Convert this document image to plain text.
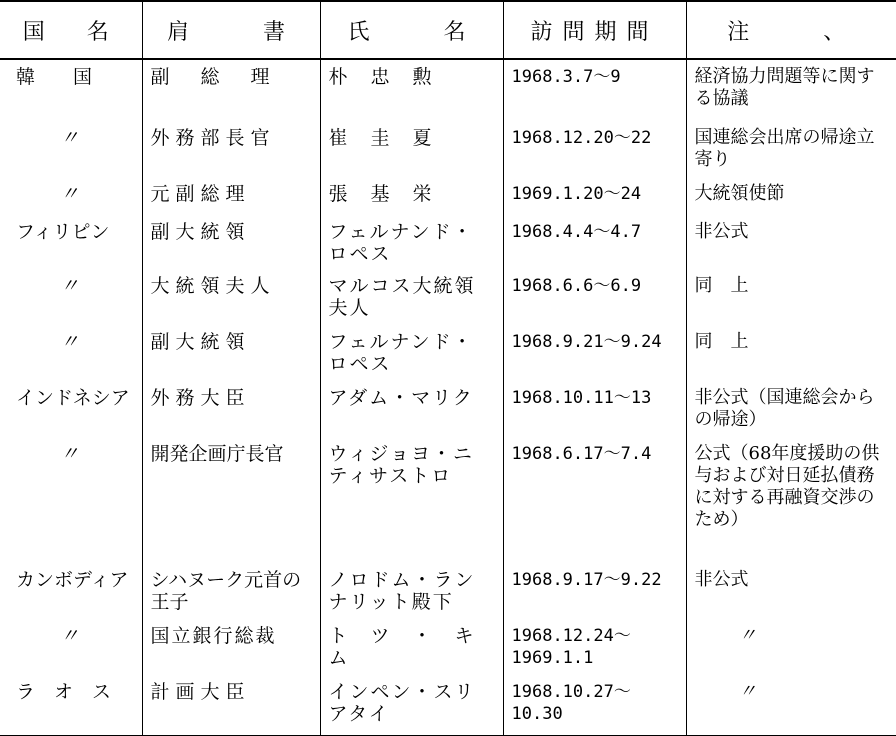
国　名	肩　　書	氏　　名	訪問期間	注　　、
韓　　国	副　総　理	朴　忠　勲	1968.3.7〜9	経済協力問題等に関する協議
〃	外務部長官	崔　圭　夏	1968.12.20〜22	国連総会出席の帰途立寄り
〃	元副総理	張　基　栄	1969.1.20〜24	大統領使節
フィリピン	副大統領	フェルナンド・ロペス	1968.4.4〜4.7	非公式
〃	大統領夫人	マルコス大統領夫人	1968.6.6〜6.9	同　上
〃	副大統領	フェルナンド・ロペス	1968.9.21〜9.24	同　上
インドネシア	外務大臣	アダム・マリク	1968.10.11〜13	非公式（国連総会からの帰途）
〃	開発企画庁長官	ウィジョヨ・ニティサストロ	1968.6.17〜7.4	公式（68年度援助の供与および対日延払債務に対する再融資交渉のため）
カンボディア	シハヌーク元首の王子	ノロドム・ランナリット殿下	1968.9.17〜9.22	非公式
〃	国立銀行総裁	ト　ツ　・　キ　ム	1968.12.24〜1969.1.1	〃
ラ　オ　ス	計画大臣	インペン・スリアタイ	1968.10.27〜10.30	〃
